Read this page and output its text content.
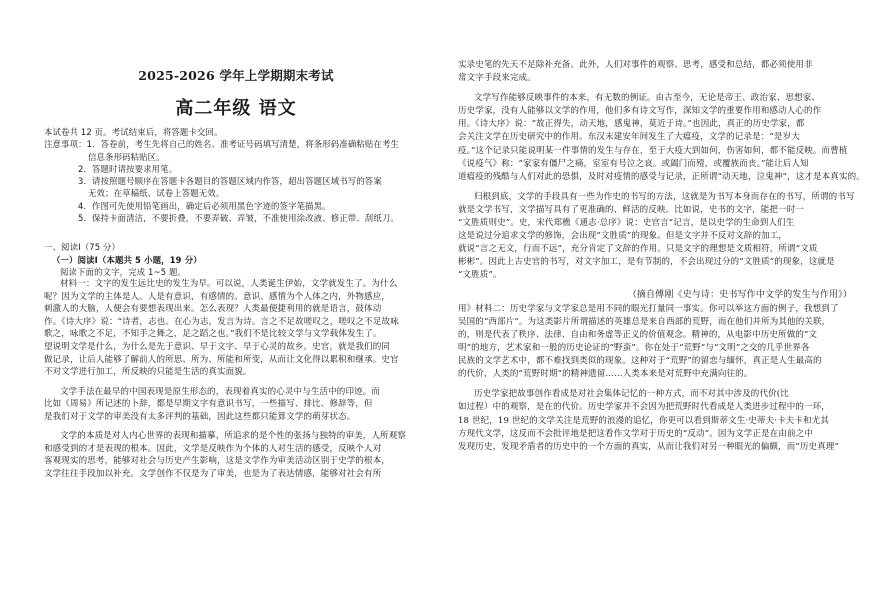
2025-2026 学年上学期期末考试
高二年级 语文
本试卷共 12 页。考试结束后，将答题卡交回。
注意事项：1．答卷前，考生先将自己的姓名、准考证号码填写清楚，将条形码准确粘贴在考生
信息条形码粘贴区。
2．答题时请按要求用笔。
3．请按照题号顺序在答题卡各题目的答题区域内作答，超出答题区域书写的答案
无效；在草稿纸、试卷上答题无效。
4．作图可先使用铅笔画出，确定后必须用黑色字迹的签字笔描黑。
5．保持卡面清洁，不要折叠，不要弄破、弄皱，不准使用涂改液、修正带、刮纸刀。
一、阅读Ⅰ（75 分）
（一）阅读Ⅰ（本题共 5 小题，19 分）
阅读下面的文字，完成 1~5 题。
材料一：文字的发生远比史的发生为早。可以说，人类诞生伊始，文学就发生了。为什么
呢？因为文学的主体是人。人是有意识，有感情的。意识、感情为个人体之内，外物感应，
刺激人的大脑，人便会有要想表现出来。怎么表现？人类最便捷利用的就是语言，鼓体动
作。《诗大序》说：“诗者，志也。在心为志，发言为诗。言之不足故嗟叹之，嗟叹之不足故咏
歌之，咏歌之不足，不知手之舞之，足之蹈之也。”我们不是比较文学与文学载体发生了。
望说明文学是什么，为什么是先于意识、早于文字、早于心灵的故乡。史官，就是我们的同
做记录，让后人能够了解前人的所思、所为、所能和所变，从而让文化得以累积和继承。史官
不对文学进行加工，所反映的只能是生活的真实面貌。
文学手法在最早的中国表现是原生形态的，表现着真实的心灵中与生活中的印迹。而
比如《周易》所记述的卜辞，都是早期文字有意识书写，一些描写、排比、修辞等，但
是我们对于文学的审美没有太多评判的基础，因此这些都只能算文学的萌芽状态。
文学的本质是对人内心世界的表现和描摹，所追求的是个性的张扬与独特的审美，人所观察
和感受到的才是表现的根本。因此，文学是反映作为个体的人对生活的感受，反映个人对
客观现实的思考，能够对社会与历史产生影响，这是文学作为审美活动区别于史学的根本，
文学往往手段加以补充。文学创作不仅是为了审美，也是为了表达情感，能够对社会有所
实录史笔的先天不足除补充备。此外，人们对事件的观察、思考，感受和总结，都必须使用非
常文字手段来完成。
文学写作能够反映事件的本来，有无数的例证。由古至今，无论是帝王、政治家、思想家、
历史学家，没有人能够以文学的作用，他们多有诗文写作，深知文学的重要作用和感动人心的作
用。《诗大序》说：“故正得失，动天地，感鬼神，莫近于诗。”也因此，真正的历史学家，都
会关注文学在历史研究中的作用。东汉末建安年间发生了大瘟疫，文学的记录是：“是岁大
疫。”这个记录只能说明某一件事情的发生与存在，至于大疫大到如何，伤害如何，都不能反映。而曹植
《说疫气》称：“家家有僵尸之痛，室室有号泣之哀。或阖门而殪，或覆族而丧。”能让后人知
道瘟疫的残酷与人们对此的恐惧，及时对疫情的感受与记录，正所谓“动天地，泣鬼神”，这才是本真实的。
归根到底，文学的手段具有一些为作史的书写的方法，这就是为书写本身而存在的书写，所谓的书写
就是文学书写，文学描写具有了更准确的、鲜活的反映。比如说，史书的文字，能把一时一
“文胜质则史”。史，宋代郑樵《通志·总序》说：史官言“记言，是以史学的生命到人们生
这是说过分追求文学的修饰，会出现“文胜质”的现象。但是文字并不反对文辞的加工，
就说“言之无文，行而不远”，充分肯定了文辞的作用。只是文字的理想是文质相符，所谓“文质
彬彬”。因此上古史官的书写，对文字加工，是有节制的，不会出现过分的“文胜质”的现象，这就是
“文胜质”。
（摘自傅刚《史与诗：史书写作中文学的发生与作用》）
用》材料二：历史学家与文学家总是用不同的眼光打量同一事实。你可以举这方面的例子，我想到了
吴国的“西部片”。为这类影片所谓描述的英雄总是来自西部的荒野，而在他们并所为其他的关联，
的，则是代表了秩序、法律、自由和务虚等正义的价值观念。精神的，从电影中历史所做的“文
明”的地方，艺术家和一般的历史论证的“野蛮”。你在处于“荒野”与“文明”之交的几乎世界各
民族的文学艺术中，都不难找到类似的现象。这种对于“荒野”的留恋与缅怀，真正是人生最高的
的代价，人类的“荒野时期”的精神遗留……人类本来是对荒野中充满向往的。
历史学家把故事创作看成是对社会集体记忆的一种方式，而不对其中涉及的代价(比
如过程）中的观察，是在的代价。历史学家并不会因为把荒野时代看成是人类进步过程中的一环，
18 世纪，19 世纪的文学关注是荒野的浪漫的追忆，你更可以看到斯蒂文生·史蒂夫·卡夫卡和尤其
方现代文学，这反而不会批评地是把这看作文学对于历史的“反动”。因为文学正是在由前之中
发现历史，发现矛盾者的历史中的一个方面的真实，从而让我们对另一种眼光的偏颇，而“历史真理”
